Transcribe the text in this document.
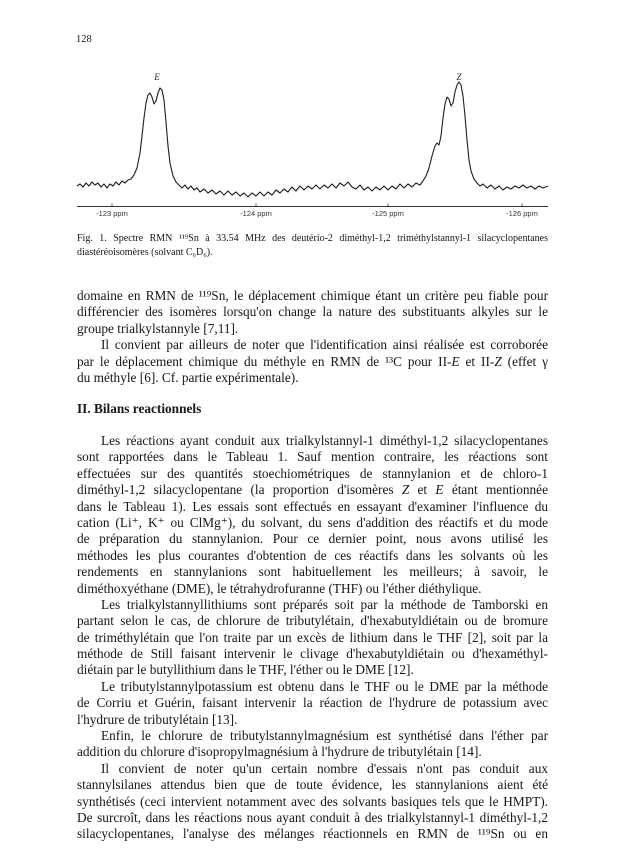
128
-123 ppm	-124 ppm	-125 ppm	-126 ppm
E	Z
Fig. 1. Spectre RMN ¹¹⁹Sn à 33.54 MHz des deutério-2 diméthyl-1,2 triméthylstannyl-1 silacyclopentanes
diastéréoisomères (solvant C₆D₆).
domaine en RMN de ¹¹⁹Sn, le déplacement chimique étant un critère peu fiable pour
différencier des isomères lorsqu'on change la nature des substituants alkyles sur le
groupe trialkylstannyle [7,11].
Il convient par ailleurs de noter que l'identification ainsi réalisée est corroborée
par le déplacement chimique du méthyle en RMN de ¹³C pour II-E et II-Z (effet γ
du méthyle [6]. Cf. partie expérimentale).
II. Bilans reactionnels
Les réactions ayant conduit aux trialkylstannyl-1 diméthyl-1,2 silacyclopentanes
sont rapportées dans le Tableau 1. Sauf mention contraire, les réactions sont
effectuées sur des quantités stoechiométriques de stannylanion et de chloro-1
diméthyl-1,2 silacyclopentane (la proportion d'isomères Z et E étant mentionnée
dans le Tableau 1). Les essais sont effectués en essayant d'examiner l'influence du
cation (Li⁺, K⁺ ou ClMg⁺), du solvant, du sens d'addition des réactifs et du mode
de préparation du stannylanion. Pour ce dernier point, nous avons utilisé les
méthodes les plus courantes d'obtention de ces réactifs dans les solvants où les
rendements en stannylanions sont habituellement les meilleurs; à savoir, le
diméthoxyéthane (DME), le tétrahydrofuranne (THF) ou l'éther diéthylique.
Les trialkylstannyllithiums sont préparés soit par la méthode de Tamborski en
partant selon le cas, de chlorure de tributylétain, d'hexabutyldiétain ou de bromure
de triméthylétain que l'on traite par un excès de lithium dans le THF [2], soit par la
méthode de Still faisant intervenir le clivage d'hexabutyldiétain ou d'hexaméthyl-
diétain par le butyllithium dans le THF, l'éther ou le DME [12].
Le tributylstannylpotassium est obtenu dans le THF ou le DME par la méthode
de Corriu et Guérin, faisant intervenir la réaction de l'hydrure de potassium avec
l'hydrure de tributylétain [13].
Enfin, le chlorure de tributylstannylmagnésium est synthétisé dans l'éther par
addition du chlorure d'isopropylmagnésium à l'hydrure de tributylétain [14].
Il convient de noter qu'un certain nombre d'essais n'ont pas conduit aux
stannylsilanes attendus bien que de toute évidence, les stannylanions aient été
synthétisés (ceci intervient notamment avec des solvants basiques tels que le HMPT).
De surcroît, dans les réactions nous ayant conduit à des trialkylstannyl-1 diméthyl-1,2
silacyclopentanes, l'analyse des mélanges réactionnels en RMN de ¹¹⁹Sn ou en
